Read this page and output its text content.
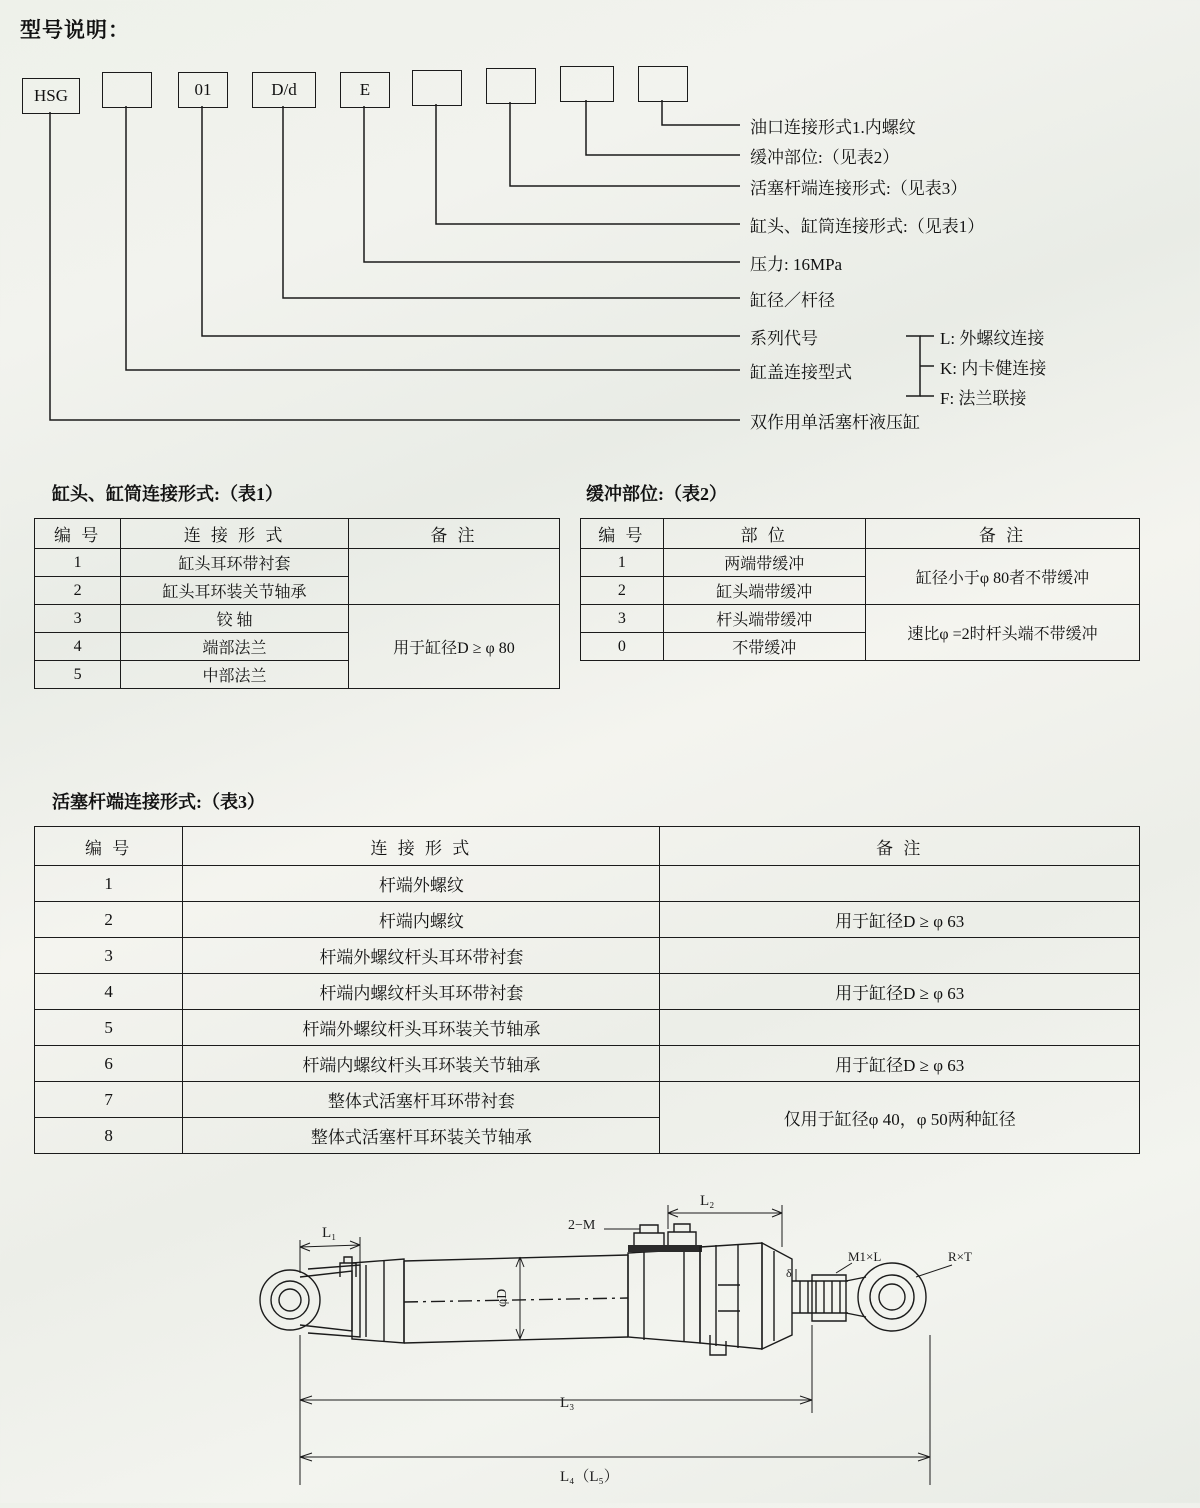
型号说明：
HSG	01	D/d	E
油口连接形式1.内螺纹
缓冲部位:（见表2）
活塞杆端连接形式:（见表3）
缸头、缸筒连接形式:（见表1）
压力: 16MPa
缸径／杆径
系列代号
缸盖连接型式
双作用单活塞杆液压缸
L: 外螺纹连接
K: 内卡健连接
F: 法兰联接
缸头、缸筒连接形式:（表1）
编 号	连 接 形 式	备 注
1	缸头耳环带衬套	
2	缸头耳环装关节轴承	
3	铰 轴	用于缸径D ≥ φ 80
4	端部法兰	
5	中部法兰	
缓冲部位:（表2）
编 号	部 位	备 注
1	两端带缓冲	缸径小于φ 80者不带缓冲
2	缸头端带缓冲	
3	杆头端带缓冲	速比φ =2时杆头端不带缓冲
0	不带缓冲	
活塞杆端连接形式:（表3）
编 号	连 接 形 式	备 注
1	杆端外螺纹	
2	杆端内螺纹	用于缸径D ≥ φ 63
3	杆端外螺纹杆头耳环带衬套	
4	杆端内螺纹杆头耳环带衬套	用于缸径D ≥ φ 63
5	杆端外螺纹杆头耳环装关节轴承	
6	杆端内螺纹杆头耳环装关节轴承	用于缸径D ≥ φ 63
7	整体式活塞杆耳环带衬套	仅用于缸径φ 40，φ 50两种缸径
8	整体式活塞杆耳环装关节轴承	
L₁
L₂
L₃
L₄（L₅）
2−M
M1×L	R×T
δ
φD
